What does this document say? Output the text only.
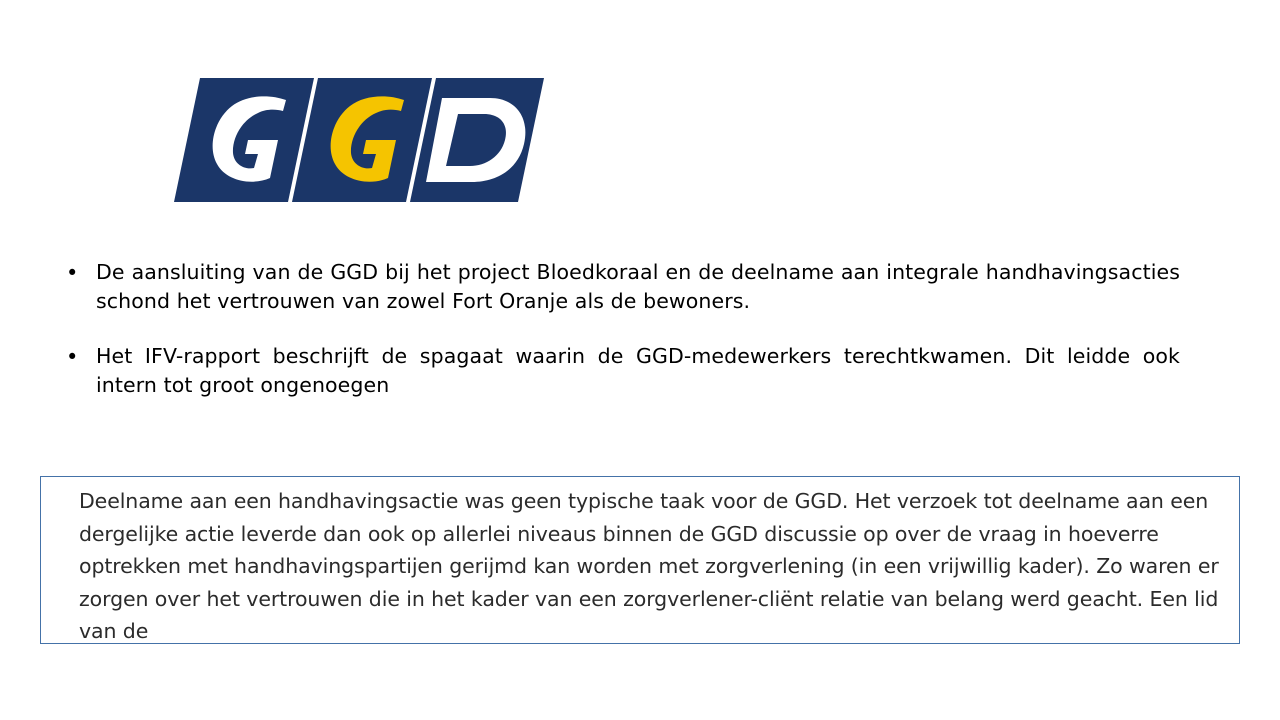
• De aansluiting van de GGD bij het project Bloedkoraal en de deelname aan integrale handhavingsacties schond het vertrouwen van zowel Fort Oranje als de bewoners.
• Het IFV-rapport beschrijft de spagaat waarin de GGD-medewerkers terechtkwamen. Dit leidde ook intern tot groot ongenoegen
Deelname aan een handhavingsactie was geen typische taak voor de GGD. Het verzoek tot deelname aan een dergelijke actie leverde dan ook op allerlei niveaus binnen de GGD discussie op over de vraag in hoeverre optrekken met handhavingspartijen gerijmd kan worden met zorgverlening (in een vrijwillig kader). Zo waren er zorgen over het vertrouwen die in het kader van een zorgverlener-cliënt relatie van belang werd geacht. Een lid van de
